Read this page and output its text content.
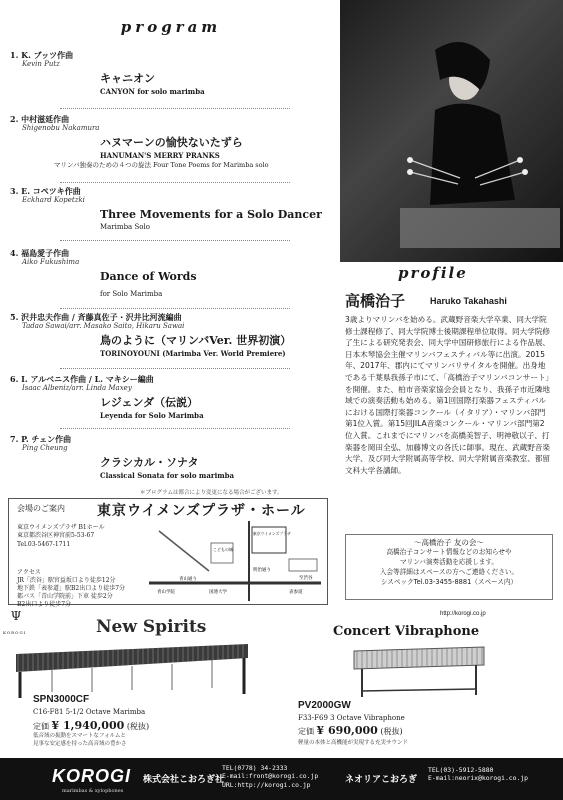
program
1. K. ブッツ作曲
Kevin Putz
キャニオン
CANYON for solo marimba
2. 中村滋延作曲
Shigenobu Nakamura
ハヌマーンの愉快ないたずら
HANUMAN'S MERRY PRANKS
マリンバ独奏のための４つの旋法 Four Tone Poems for Marimba solo
3. E. コペツキ作曲
Eckhard Kopetzki
Three Movements for a Solo Dancer
Marimba Solo
4. 福島愛子作曲
Aiko Fukushima
Dance of Words
for Solo Marimba
5. 沢井忠夫作曲 / 斉藤真佐子・沢井比河流編曲
Tadao Sawai/arr. Masako Saito, Hikaru Sawai
鳥のように（マリンバVer. 世界初演）
TORINOYOUNI (Marimba Ver. World Premiere)
6. I. アルベニス作曲 / L. マキシー編曲
Isaac Albeniz/arr. Linda Maxey
レジェンダ（伝説）
Leyenda for Solo Marimba
7. P. チェン作曲
Ping Cheung
クラシカル・ソナタ
Classical Sonata for solo marimba
＊プログラムは都合により変更になる場合がございます。
会場のご案内 東京ウイメンズプラザ・ホール
東京ウイメンズプラザ B1ホール
東京都渋谷区神宮前5-53-67
Tel.03-5467-1711
アクセス
JR「渋谷」駅宮益坂口より徒歩12分
地下鉄「表参道」駅B2出口より徒歩7分
都バス「青山学院前」下車 徒歩2分
B2出口より徒歩7分
青山学院	国連大学	表参道
こどもの城
青山通り
明治通り
至渋谷
東京ウイメンズプラザ
profile
高橋治子	Haruko Takahashi
3歳よりマリンバを始める。武蔵野音楽大学卒業、同大学院修士課程修了、同大学院博士後期課程単位取得。同大学院修了生による研究発表会、同大学中国研修旅行による作品展、日本木琴協会主催マリンバフェスティバル等に出演。2015年、2017年、郡内にてマリンバリサイタルを開催。出身地である千葉県我孫子市にて、「高橋治子マリンバコンサート」を開催。また、柏市音楽家協会会員となり、我孫子市近隣地域での演奏活動も始める。第1回国際打楽器フェスティバルにおける国際打楽器コンクール（イタリア）・マリンバ部門第1位入賞。第15回JILA音楽コンクール・マリンバ部門第2位入賞。これまでにマリンバを高橋美智子、明神敬以子、打楽器を岡田全弘、加藤博文の各氏に師事。現在、武蔵野音楽大学、及び同大学附属高等学校、同大学附属音楽教室、都留文科大学各講師。
〜高橋治子 友の会〜
高橋治子コンサート情報などのお知らせや
マリンバ演奏活動を応援します。
入会等詳細はスペースの方へご連絡ください。
シスペックTel.03-3455-8881（スペース内）
http://korogi.co.jp
Ψ
KOROGI	New Spirits	Concert Vibraphone
SPN3000CF
C16-F81 5-1/2 Octave Marimba
定価 ¥ 1,940,000 (税抜)
低音域の振動をスマートなフォルムと
見事な安定感を持った高音域の豊かさ
PV2000GW
F33-F69 3 Octave Vibraphone
定価 ¥ 690,000 (税抜)
軽量の本体と高機能が実現する充実サウンド
KOROGI
marimbas & xylophones
株式会社こおろぎ社
TEL(0778) 34-2333
E-mail:front@korogi.co.jp
URL:http://korogi.co.jp	ネオリアこおろぎ
TEL(03)-5912-5880
E-mail:neorix@korogi.co.jp
